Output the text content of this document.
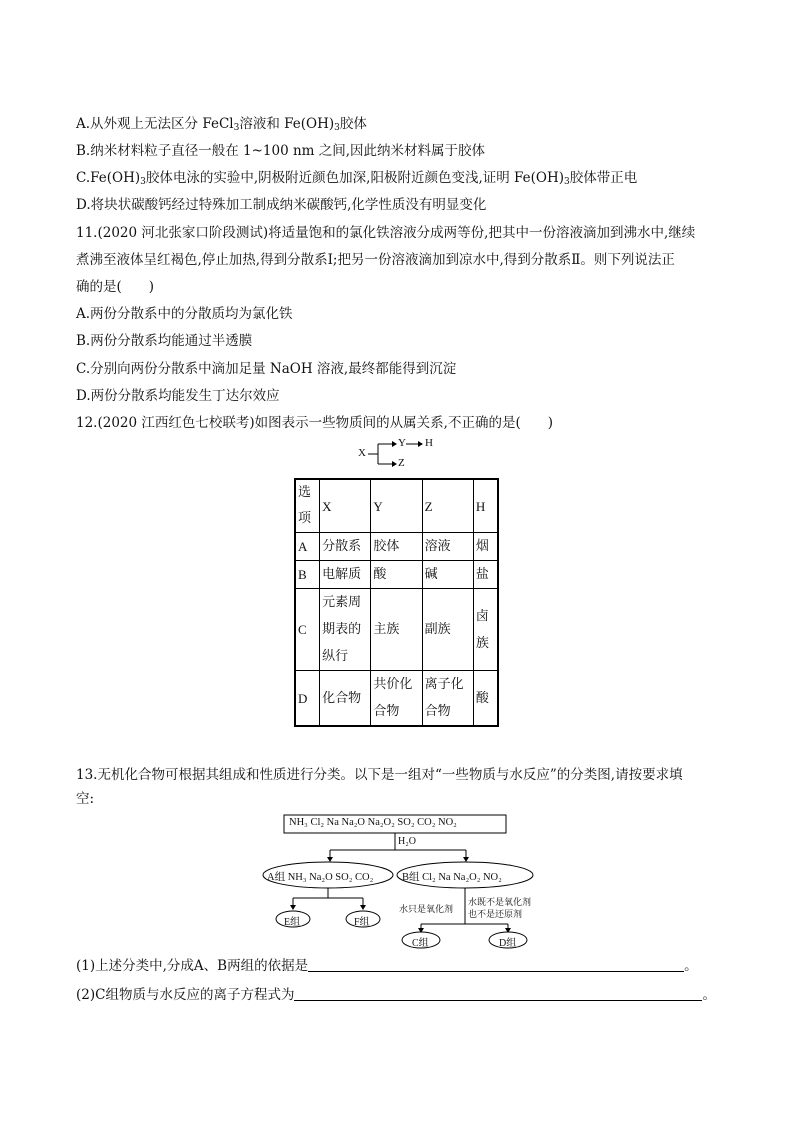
A.从外观上无法区分 FeCl$_3$溶液和 $Fe(OH)_3$胶体
B.纳米材料粒子直径一般在 1~100 nm 之间,因此纳米材料属于胶体
$C.Fe(OH)_3$胶体电泳的实验中,阴极附近颜色加深,阳极附近颜色变浅,证明 $Fe(OH)_3$胶体带正电
D.将块状碳酸钙经过特殊加工制成纳米碳酸钙,化学性质没有明显变化
11.(2020 河北张家口阶段测试)将适量饱和的氯化铁溶液分成两等份,把其中一份溶液滴加到沸水中,继续
煮沸至液体呈红褐色,停止加热,得到分散系Ⅰ;把另一份溶液滴加到凉水中,得到分散系Ⅱ。则下列说法正
确的是(　　)
A.两份分散系中的分散质均为氯化铁
B.两份分散系均能通过半透膜
C.分别向两份分散系中滴加足量 NaOH 溶液,最终都能得到沉淀
D.两份分散系均能发生丁达尔效应
12.(2020 江西红色七校联考)如图表示一些物质间的从属关系,不正确的是(　　)
X
Y H
Z
选项	X	Y	Z	H
A	分散系	胶体	溶液	烟
B	电解质	酸	碱	盐
C	元素周期表的纵行	主族	副族	卤族
D	化合物	共价化合物	离子化合物	酸
13.无机化合物可根据其组成和性质进行分类。以下是一组对“一些物质与水反应”的分类图,请按要求填
空:
NH₃ Cl₂ Na Na₂O Na₂O₂ SO₂ CO₂ NO₂
H₂O
A组 NH₃ Na₂O SO₂ CO₂	B组 Cl₂ Na Na₂O₂ NO₂
E组	F组
水只是氧化剂
水既不是氧化剂
也不是还原剂
C组	D组
(1)上述分类中,分成A、B两组的依据是	。
(2)C组物质与水反应的离子方程式为	。
